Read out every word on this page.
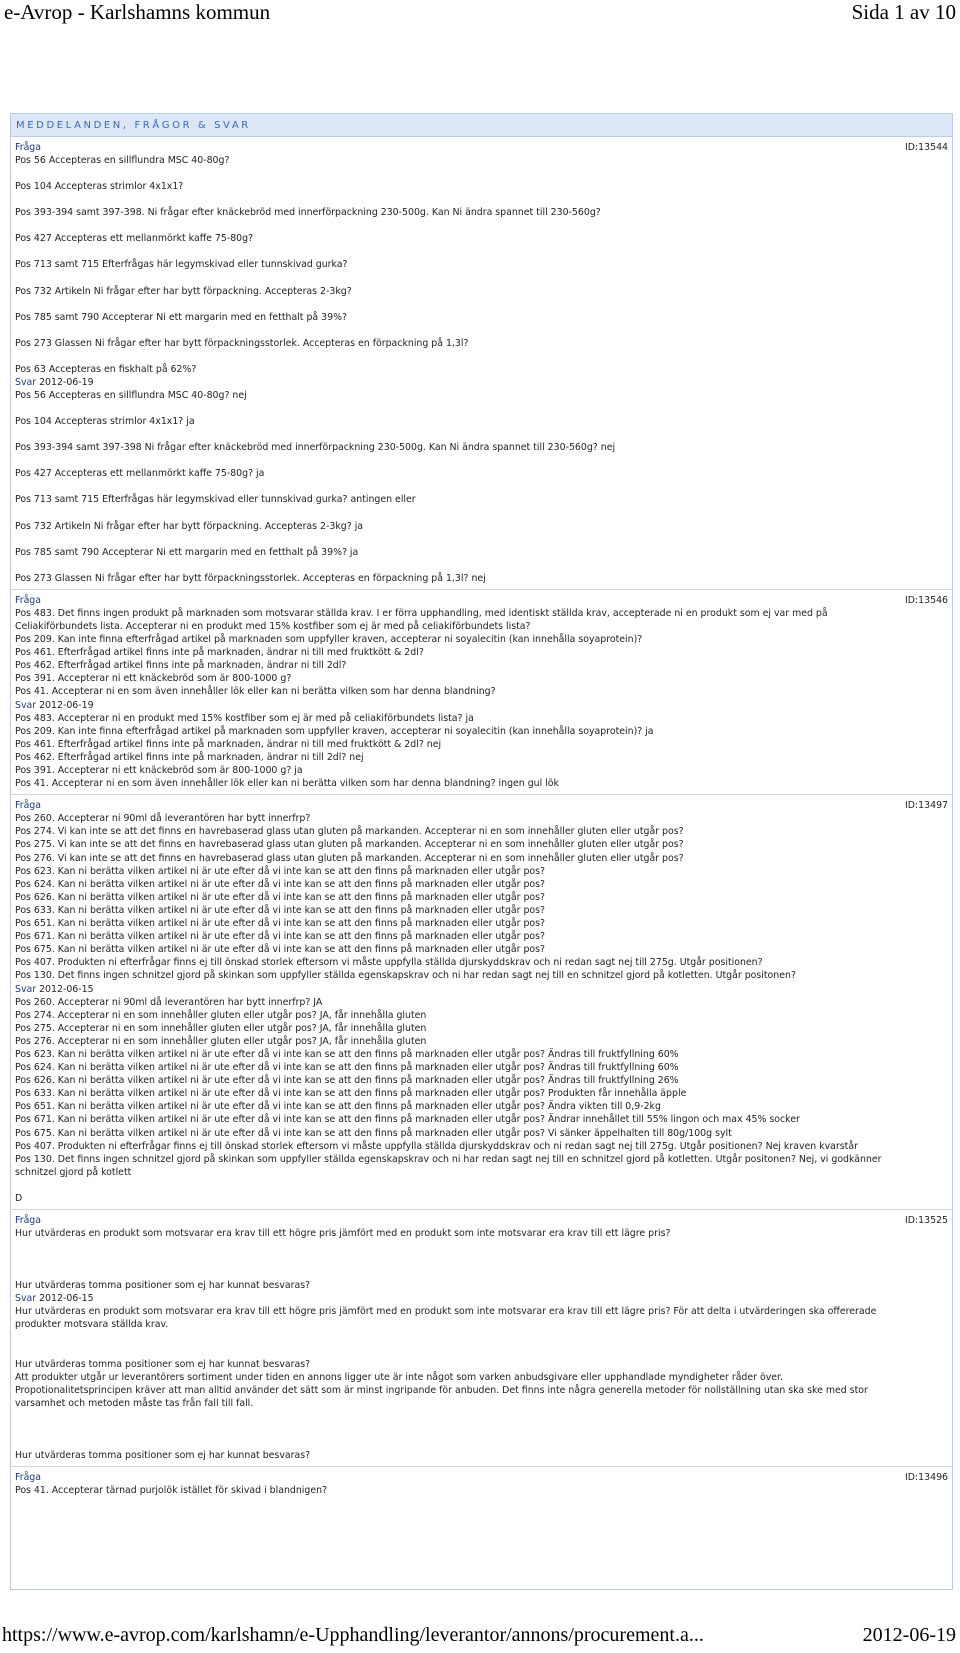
e-Avrop - Karlshamns kommun	Sida 1 av 10
MEDDELANDEN, FRÅGOR & SVAR
ID:13544
Fråga
Pos 56 Accepteras en sillflundra MSC 40-80g?
Pos 104 Accepteras strimlor 4x1x1?
Pos 393-394 samt 397-398. Ni frågar efter knäckebröd med innerförpackning 230-500g. Kan Ni ändra spannet till 230-560g?
Pos 427 Accepteras ett mellanmörkt kaffe 75-80g?
Pos 713 samt 715 Efterfrågas här legymskivad eller tunnskivad gurka?
Pos 732 Artikeln Ni frågar efter har bytt förpackning. Accepteras 2-3kg?
Pos 785 samt 790 Accepterar Ni ett margarin med en fetthalt på 39%?
Pos 273 Glassen Ni frågar efter har bytt förpackningsstorlek. Accepteras en förpackning på 1,3l?
Pos 63 Accepteras en fiskhalt på 62%?
Svar 2012-06-19
Pos 56 Accepteras en sillflundra MSC 40-80g? nej
Pos 104 Accepteras strimlor 4x1x1? ja
Pos 393-394 samt 397-398 Ni frågar efter knäckebröd med innerförpackning 230-500g. Kan Ni ändra spannet till 230-560g? nej
Pos 427 Accepteras ett mellanmörkt kaffe 75-80g? ja
Pos 713 samt 715 Efterfrågas här legymskivad eller tunnskivad gurka? antingen eller
Pos 732 Artikeln Ni frågar efter har bytt förpackning. Accepteras 2-3kg? ja
Pos 785 samt 790 Accepterar Ni ett margarin med en fetthalt på 39%? ja
Pos 273 Glassen Ni frågar efter har bytt förpackningsstorlek. Accepteras en förpackning på 1,3l? nej
ID:13546
Fråga
Pos 483. Det finns ingen produkt på marknaden som motsvarar ställda krav. I er förra upphandling, med identiskt ställda krav, accepterade ni en produkt som ej var med på Celiakiförbundets lista. Accepterar ni en produkt med 15% kostfiber som ej är med på celiakiförbundets lista?
Pos 209. Kan inte finna efterfrågad artikel på marknaden som uppfyller kraven, accepterar ni soyalecitin (kan innehålla soyaprotein)?
Pos 461. Efterfrågad artikel finns inte på marknaden, ändrar ni till med fruktkött & 2dl?
Pos 462. Efterfrågad artikel finns inte på marknaden, ändrar ni till 2dl?
Pos 391. Accepterar ni ett knäckebröd som är 800-1000 g?
Pos 41. Accepterar ni en som även innehåller lök eller kan ni berätta vilken som har denna blandning?
Svar 2012-06-19
Pos 483. Accepterar ni en produkt med 15% kostfiber som ej är med på celiakiförbundets lista? ja
Pos 209. Kan inte finna efterfrågad artikel på marknaden som uppfyller kraven, accepterar ni soyalecitin (kan innehålla soyaprotein)? ja
Pos 461. Efterfrågad artikel finns inte på marknaden, ändrar ni till med fruktkött & 2dl? nej
Pos 462. Efterfrågad artikel finns inte på marknaden, ändrar ni till 2dl? nej
Pos 391. Accepterar ni ett knäckebröd som är 800-1000 g? ja
Pos 41. Accepterar ni en som även innehåller lök eller kan ni berätta vilken som har denna blandning? ingen gul lök
ID:13497
Fråga
Pos 260. Accepterar ni 90ml då leverantören har bytt innerfrp?
Pos 274. Vi kan inte se att det finns en havrebaserad glass utan gluten på markanden. Accepterar ni en som innehåller gluten eller utgår pos?
Pos 275. Vi kan inte se att det finns en havrebaserad glass utan gluten på markanden. Accepterar ni en som innehåller gluten eller utgår pos?
Pos 276. Vi kan inte se att det finns en havrebaserad glass utan gluten på markanden. Accepterar ni en som innehåller gluten eller utgår pos?
Pos 623. Kan ni berätta vilken artikel ni är ute efter då vi inte kan se att den finns på marknaden eller utgår pos?
Pos 624. Kan ni berätta vilken artikel ni är ute efter då vi inte kan se att den finns på marknaden eller utgår pos?
Pos 626. Kan ni berätta vilken artikel ni är ute efter då vi inte kan se att den finns på marknaden eller utgår pos?
Pos 633. Kan ni berätta vilken artikel ni är ute efter då vi inte kan se att den finns på marknaden eller utgår pos?
Pos 651. Kan ni berätta vilken artikel ni är ute efter då vi inte kan se att den finns på marknaden eller utgår pos?
Pos 671. Kan ni berätta vilken artikel ni är ute efter då vi inte kan se att den finns på marknaden eller utgår pos?
Pos 675. Kan ni berätta vilken artikel ni är ute efter då vi inte kan se att den finns på marknaden eller utgår pos?
Pos 407. Produkten ni efterfrågar finns ej till önskad storlek eftersom vi måste uppfylla ställda djurskyddskrav och ni redan sagt nej till 275g. Utgår positionen?
Pos 130. Det finns ingen schnitzel gjord på skinkan som uppfyller ställda egenskapskrav och ni har redan sagt nej till en schnitzel gjord på kotletten. Utgår positonen?
Svar 2012-06-15
Pos 260. Accepterar ni 90ml då leverantören har bytt innerfrp? JA
Pos 274. Accepterar ni en som innehåller gluten eller utgår pos? JA, får innehålla gluten
Pos 275. Accepterar ni en som innehåller gluten eller utgår pos? JA, får innehålla gluten
Pos 276. Accepterar ni en som innehåller gluten eller utgår pos? JA, får innehålla gluten
Pos 623. Kan ni berätta vilken artikel ni är ute efter då vi inte kan se att den finns på marknaden eller utgår pos? Ändras till fruktfyllning 60%
Pos 624. Kan ni berätta vilken artikel ni är ute efter då vi inte kan se att den finns på marknaden eller utgår pos? Ändras till fruktfyllning 60%
Pos 626. Kan ni berätta vilken artikel ni är ute efter då vi inte kan se att den finns på marknaden eller utgår pos? Ändras till fruktfyllning 26%
Pos 633. Kan ni berätta vilken artikel ni är ute efter då vi inte kan se att den finns på marknaden eller utgår pos? Produkten får innehålla äpple
Pos 651. Kan ni berätta vilken artikel ni är ute efter då vi inte kan se att den finns på marknaden eller utgår pos? Ändra vikten till 0,9-2kg
Pos 671. Kan ni berätta vilken artikel ni är ute efter då vi inte kan se att den finns på marknaden eller utgår pos? Ändrar innehållet till 55% lingon och max 45% socker
Pos 675. Kan ni berätta vilken artikel ni är ute efter då vi inte kan se att den finns på marknaden eller utgår pos? Vi sänker äppelhalten till 80g/100g sylt
Pos 407. Produkten ni efterfrågar finns ej till önskad storlek eftersom vi måste uppfylla ställda djurskyddskrav och ni redan sagt nej till 275g. Utgår positionen? Nej kraven kvarstår
Pos 130. Det finns ingen schnitzel gjord på skinkan som uppfyller ställda egenskapskrav och ni har redan sagt nej till en schnitzel gjord på kotletten. Utgår positonen? Nej, vi godkänner schnitzel gjord på kotlett
D
ID:13525
Fråga
Hur utvärderas en produkt som motsvarar era krav till ett högre pris jämfört med en produkt som inte motsvarar era krav till ett lägre pris?
Hur utvärderas tomma positioner som ej har kunnat besvaras?
Svar 2012-06-15
Hur utvärderas en produkt som motsvarar era krav till ett högre pris jämfört med en produkt som inte motsvarar era krav till ett lägre pris? För att delta i utvärderingen ska offererade produkter motsvara ställda krav.
Hur utvärderas tomma positioner som ej har kunnat besvaras?
Att produkter utgår ur leverantörers sortiment under tiden en annons ligger ute är inte något som varken anbudsgivare eller upphandlade myndigheter råder över. Propotionalitetsprincipen kräver att man alltid använder det sätt som är minst ingripande för anbuden. Det finns inte några generella metoder för nollställning utan ska ske med stor varsamhet och metoden måste tas från fall till fall.
Hur utvärderas tomma positioner som ej har kunnat besvaras?
ID:13496
Fråga
Pos 41. Accepterar tärnad purjolök istället för skivad i blandnigen?
https://www.e-avrop.com/karlshamn/e-Upphandling/leverantor/annons/procurement.a...	2012-06-19
